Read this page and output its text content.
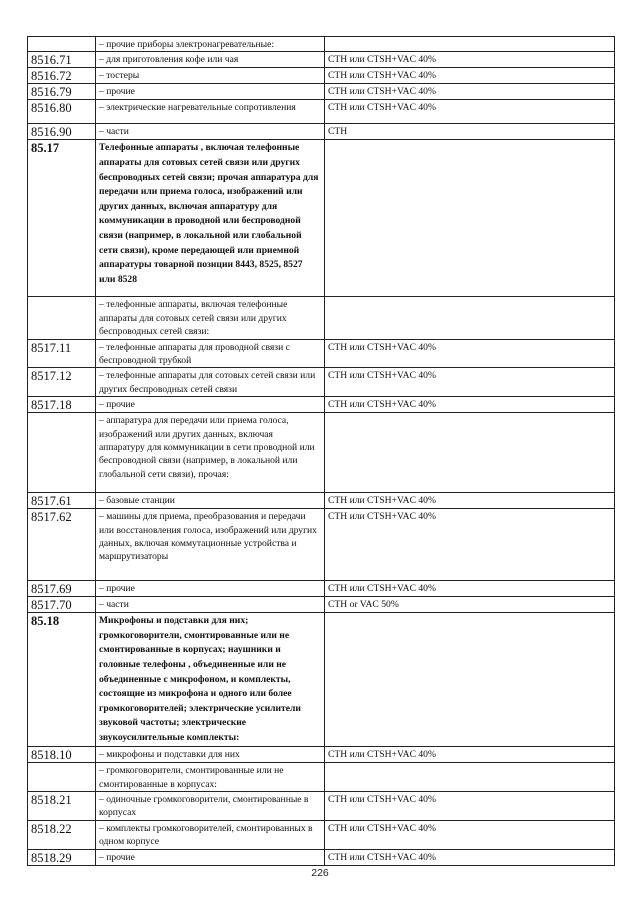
	– прочие приборы электронагревательные:	
8516.71	– для приготовления кофе или чая	СТН или CTSH+VAC 40%
8516.72	– тостеры	СТН или CTSH+VAC 40%
8516.79	– прочие	СТН или CTSH+VAC 40%
8516.80	– электрические нагревательные сопротивления	СТН или CTSH+VAC 40%
8516.90	– части	СТН
85.17	Телефонные аппараты , включая телефонные аппараты для сотовых сетей связи или других беспроводных сетей связи; прочая аппаратура для передачи или приема голоса, изображений или других данных, включая аппаратуру для коммуникации в проводной или беспроводной связи (например, в локальной или глобальной сети связи), кроме передающей или приемной аппаратуры товарной позиции 8443, 8525, 8527 или 8528	
	– телефонные аппараты, включая телефонные аппараты для сотовых сетей связи или других беспроводных сетей связи:	
8517.11	– телефонные аппараты для проводной связи с беспроводной трубкой	СТН или CTSH+VAC 40%
8517.12	– телефонные аппараты для сотовых сетей связи или других беспроводных сетей связи	СТН или CTSH+VAC 40%
8517.18	– прочие	СТН или CTSH+VAC 40%
	– аппаратура для передачи или приема голоса, изображений или других данных, включая аппаратуру для коммуникации в сети проводной или беспроводной связи (например, в локальной или глобальной сети связи), прочая:	
8517.61	– базовые станции	СТН или CTSH+VAC 40%
8517.62	– машины для приема, преобразования и передачи или восстановления голоса, изображений или других данных, включая коммутационные устройства и маршрутизаторы	СТН или CTSH+VAC 40%
8517.69	– прочие	СТН или CTSH+VAC 40%
8517.70	– части	СТН or VAC 50%
85.18	Микрофоны и подставки для них; громкоговорители, смонтированные или не смонтированные в корпусах; наушники и головные телефоны , объединенные или не объединенные с микрофоном, и комплекты, состоящие из микрофона и одного или более громкоговорителей; электрические усилители звуковой частоты; электрические звукоусилительные комплекты:	
8518.10	– микрофоны и подставки для них	СТН или CTSH+VAC 40%
	– громкоговорители, смонтированные или не смонтированные в корпусах:	
8518.21	– одиночные громкоговорители, смонтированные в корпусах	СТН или CTSH+VAC 40%
8518.22	– комплекты громкоговорителей, смонтированных в одном корпусе	СТН или CTSH+VAC 40%
8518.29	– прочие	СТН или CTSH+VAC 40%
226
